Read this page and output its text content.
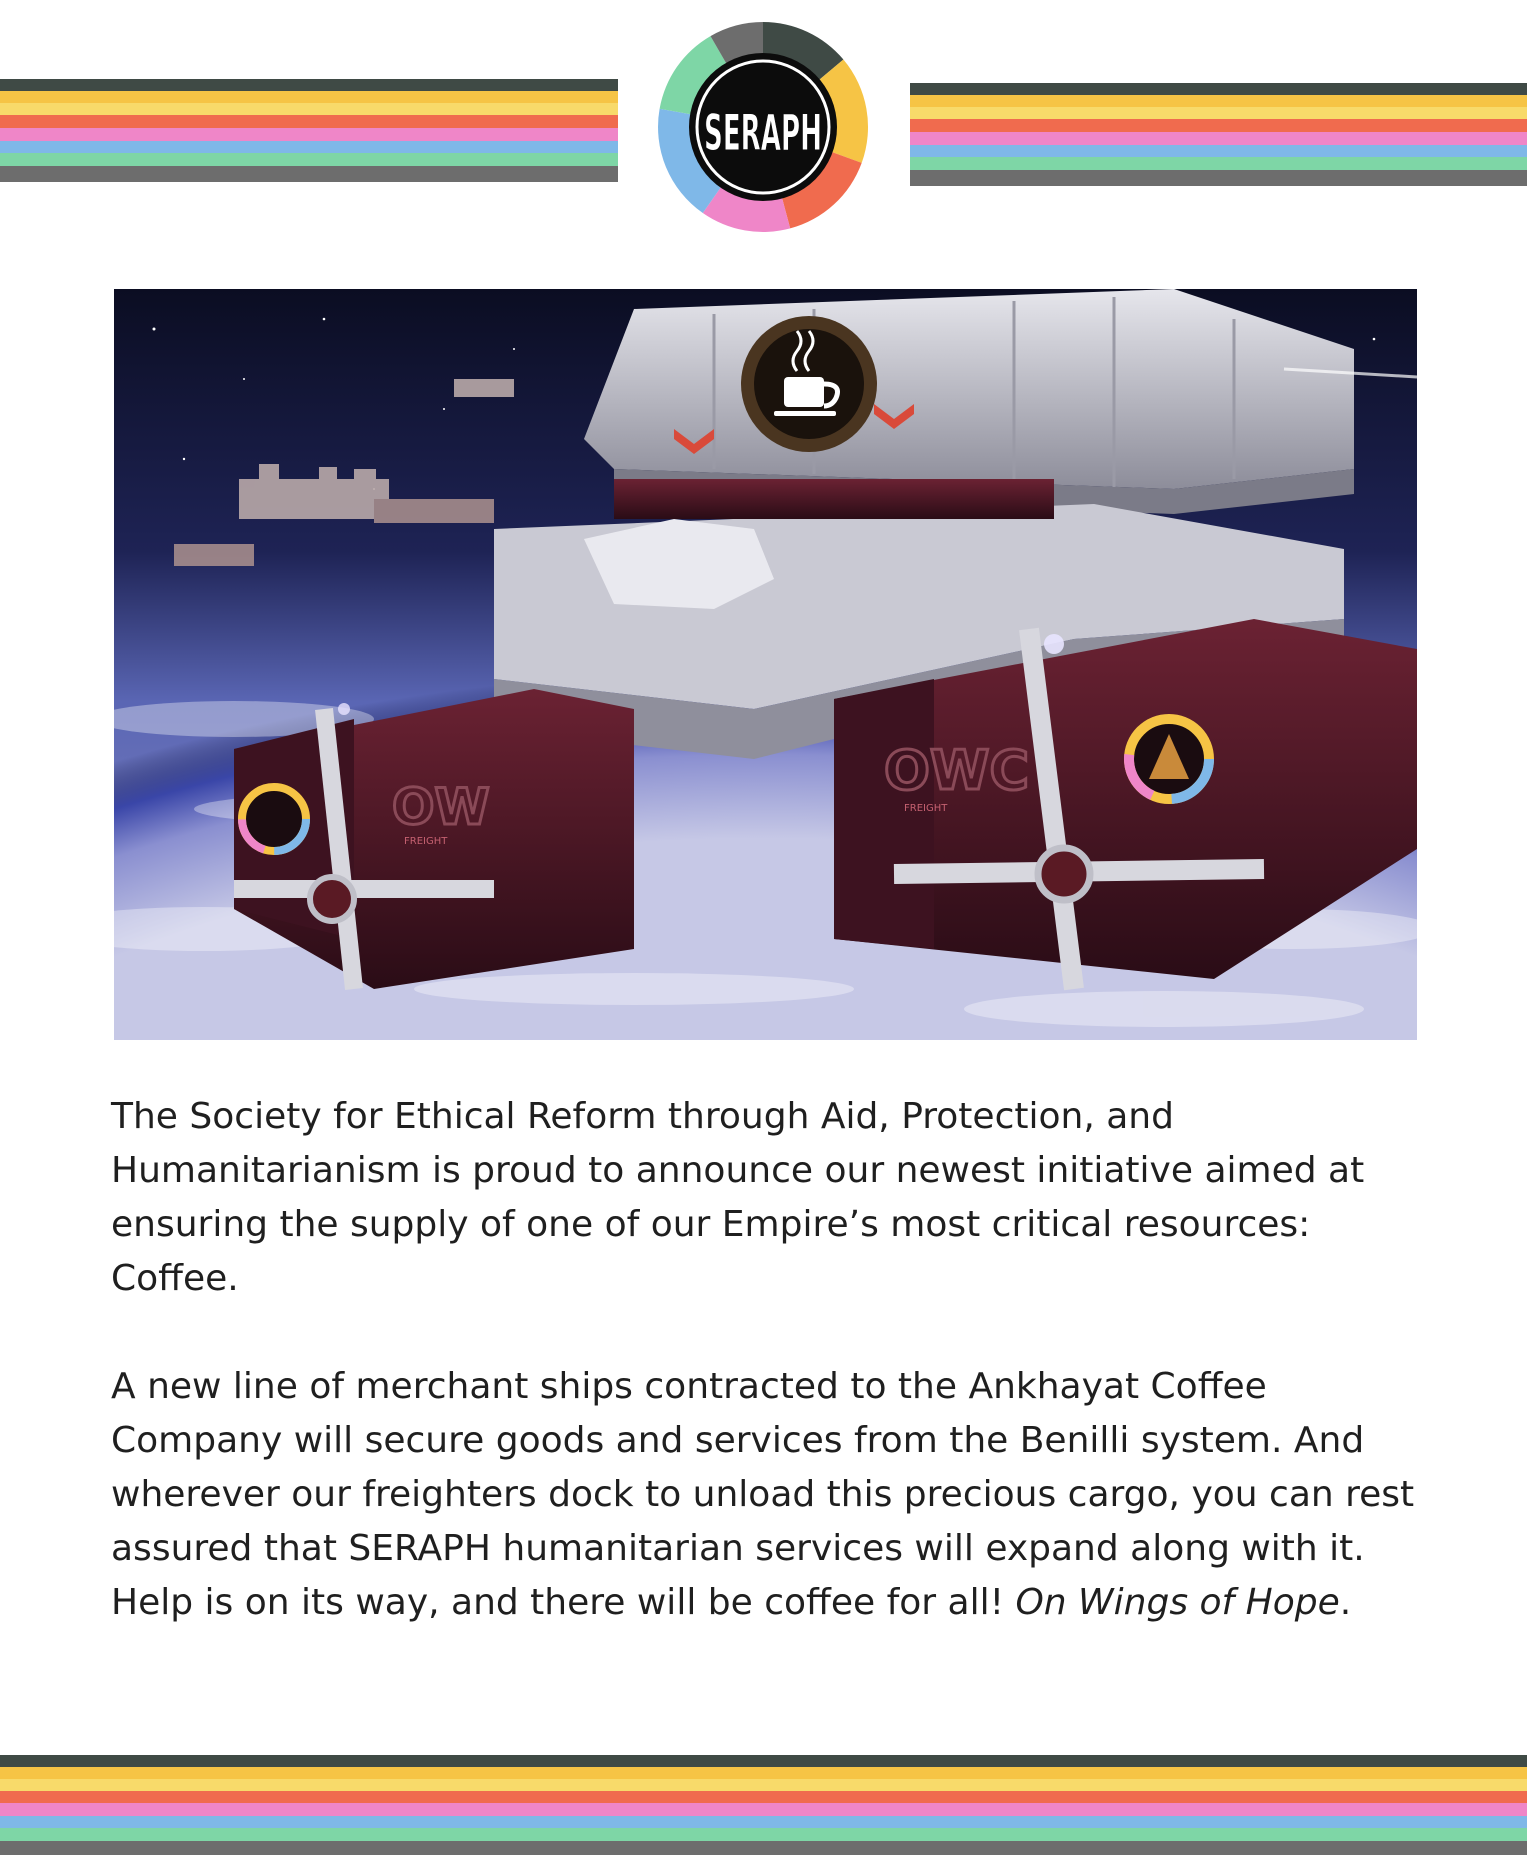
SERAPH
OW
FREIGHT
OWC
FREIGHT

The Society for Ethical Reform through Aid, Protection, and Humanitarianism is proud to announce our newest initiative aimed at ensuring the supply of one of our Empire’s most critical resources: Coffee.

A new line of merchant ships contracted to the Ankhayat Coffee Company will secure goods and services from the Benilli system. And wherever our freighters dock to unload this precious cargo, you can rest assured that SERAPH humanitarian services will expand along with it. Help is on its way, and there will be coffee for all! On Wings of Hope.
